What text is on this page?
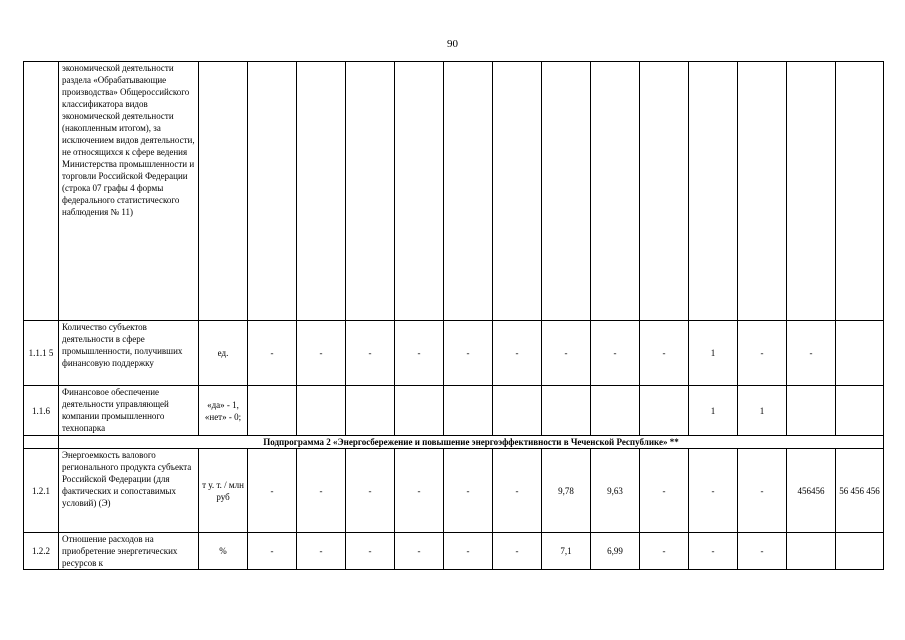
90
	экономической деятельности раздела «Обрабатывающие производства» Общероссийского классификатора видов экономической деятельности (накопленным итогом), за исключением видов деятельности, не относящихся к сфере ведения Министерства промышленности и торговли Российской Федерации (строка 07 графы 4 формы федерального статистического наблюдения № 11)														
1.1.1 5	Количество субъектов деятельности в сфере промышленности, получивших финансовую поддержку	ед.	-	-	-	-	-	-	-	-	-	1	-	-	
1.1.6	Финансовое обеспечение деятельности управляющей компании промышленного технопарка	«да» - 1, «нет» - 0;										1	1		
	Подпрограмма 2 «Энергосбережение и повышение энергоэффективности в Чеченской Республике» **														
1.2.1	Энергоемкость валового регионального продукта субъекта Российской Федерации (для фактических и сопоставимых условий) (Э)	т у. т. / млн руб	-	-	-	-	-	-	9,78	9,63	-	-	-	456456	56 456 456
1.2.2	Отношение расходов на приобретение энергетических ресурсов к	%	-	-	-	-	-	-	7,1	6,99	-	-	-		
